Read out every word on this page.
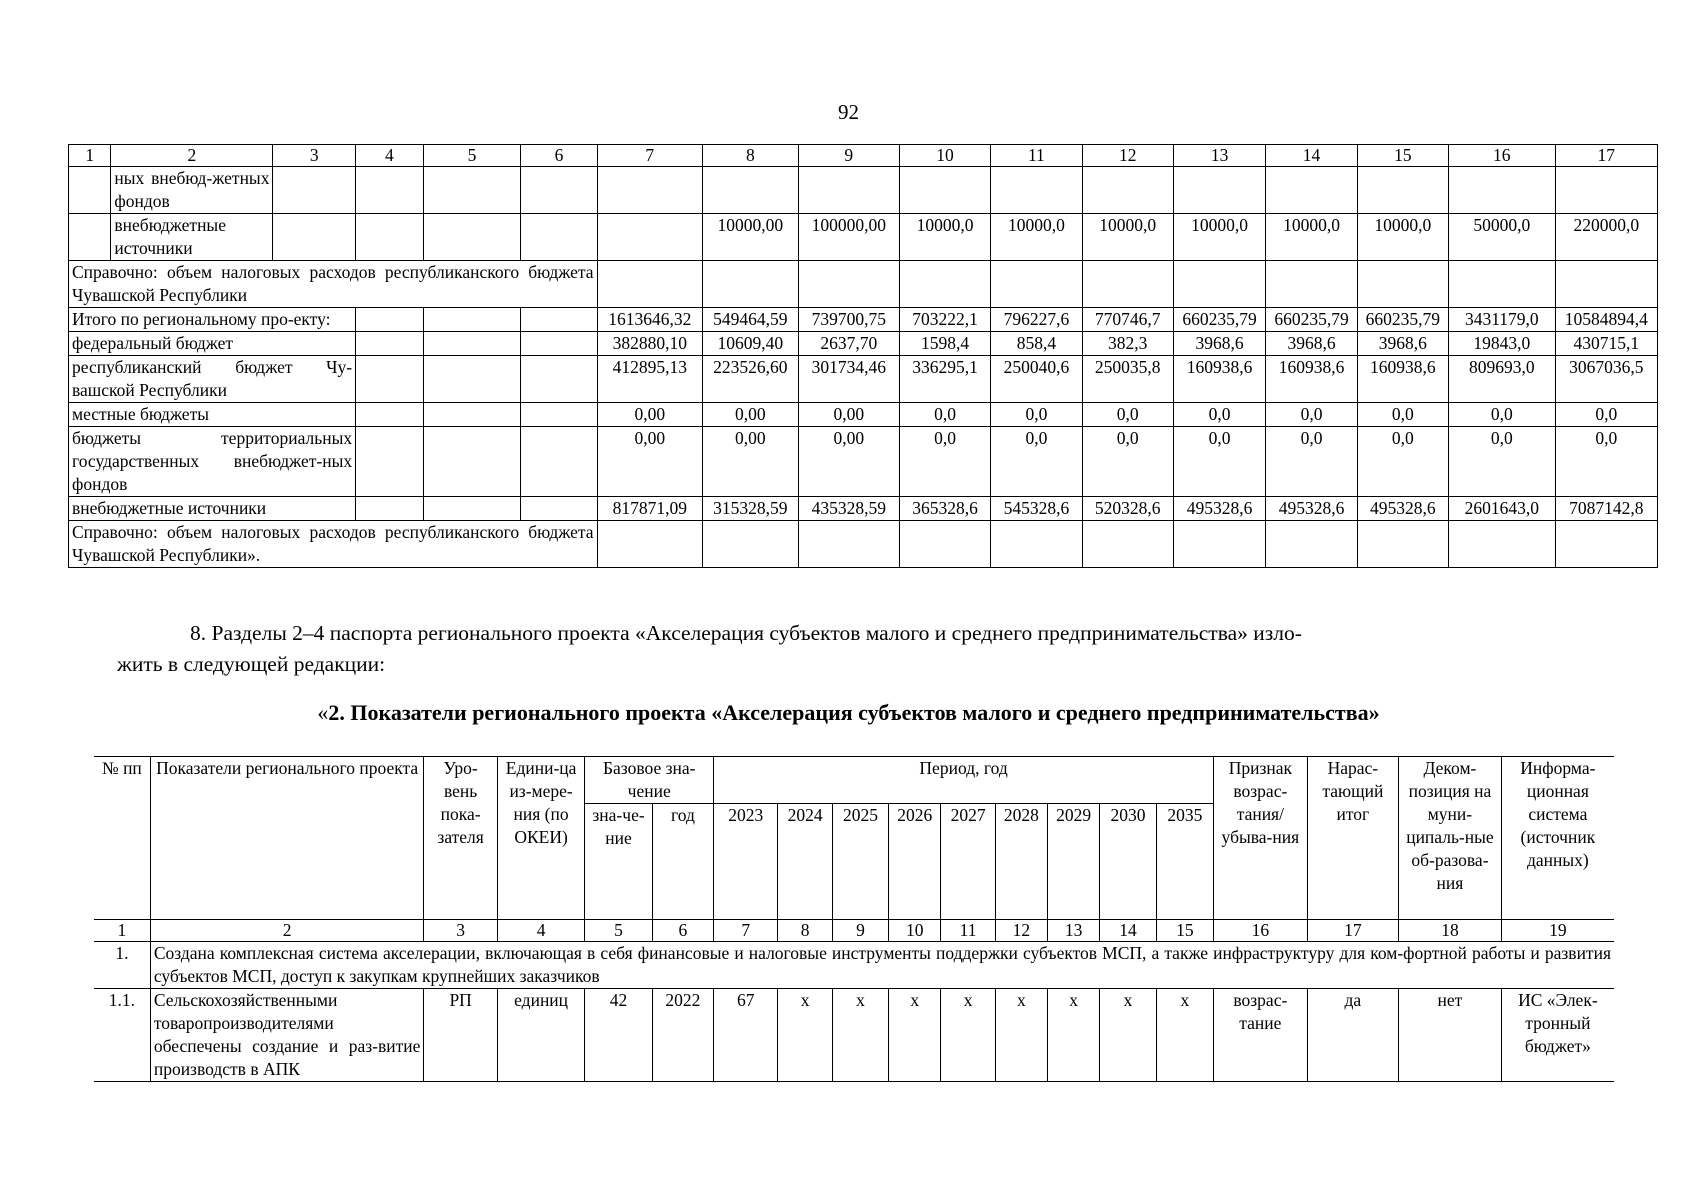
92
1	2	3	4	5	6	7	8	9	10	11	12	13	14	15	16	17
	ных внебюд-жетных фондов															
	внебюджетные источники						10000,00	100000,00	10000,0	10000,0	10000,0	10000,0	10000,0	10000,0	50000,0	220000,0
Справочно: объем налоговых расходов республиканского бюджета Чувашской Республики																
Итого по региональному про-екту:						1613646,32	549464,59	739700,75	703222,1	796227,6	770746,7	660235,79	660235,79	660235,79	3431179,0	10584894,4
федеральный бюджет						382880,10	10609,40	2637,70	1598,4	858,4	382,3	3968,6	3968,6	3968,6	19843,0	430715,1
республиканский бюджет Чу-вашской Республики						412895,13	223526,60	301734,46	336295,1	250040,6	250035,8	160938,6	160938,6	160938,6	809693,0	3067036,5
местные бюджеты						0,00	0,00	0,00	0,0	0,0	0,0	0,0	0,0	0,0	0,0	0,0
бюджеты территориальных государственных внебюджет-ных фондов						0,00	0,00	0,00	0,0	0,0	0,0	0,0	0,0	0,0	0,0	0,0
внебюджетные источники						817871,09	315328,59	435328,59	365328,6	545328,6	520328,6	495328,6	495328,6	495328,6	2601643,0	7087142,8
Справочно: объем налоговых расходов республиканского бюджета Чувашской Республики».																
8. Разделы 2–4 паспорта регионального проекта «Акселерация субъектов малого и среднего предпринимательства» изло-
жить в следующей редакции:
«2. Показатели регионального проекта «Акселерация субъектов малого и среднего предпринимательства»
№ пп	Показатели регионального проекта	Уро-вень пока-зателя	Едини-ца из-мере-ния (по ОКЕИ)	Базовое зна-чение		Период, год									Признак возрас-тания/ убыва-ния	Нарас-тающий итог	Деком-позиция на муни-ципаль-ные об-разова-ния	Информа-ционная система (источник данных)
				зна-че-ние	год	2023	2024	2025	2026	2027	2028	2029	2030	2035				
1	2	3	4	5	6	7	8	9	10	11	12	13	14	15	16	17	18	19
1.	Создана комплексная система акселерации, включающая в себя финансовые и налоговые инструменты поддержки субъектов МСП, а также инфраструктуру для ком-фортной работы и развития субъектов МСП, доступ к закупкам крупнейших заказчиков																	
1.1.	Сельскохозяйственными товаропроизводителями обеспечены создание и раз-витие производств в АПК	РП	единиц	42	2022	67	x	x	x	x	x	x	x	x	возрас-тание	да	нет	ИС «Элек-тронный бюджет»
